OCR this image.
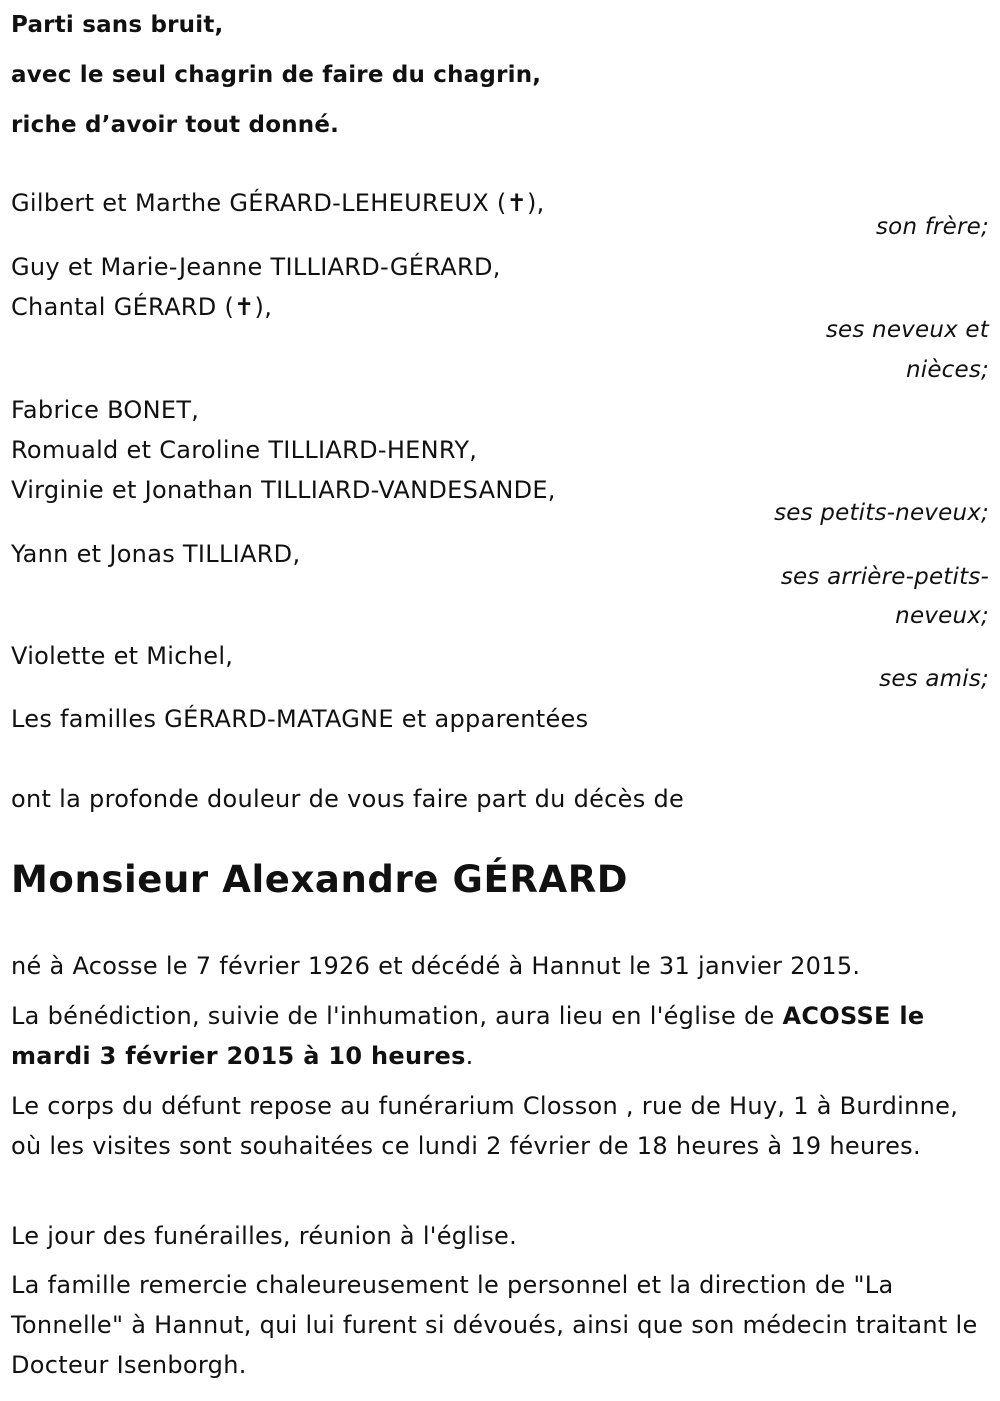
Parti sans bruit,
avec le seul chagrin de faire du chagrin,
riche d’avoir tout donné.
Gilbert et Marthe GÉRARD-LEHEUREUX (✝),
son frère;
Guy et Marie-Jeanne TILLIARD-GÉRARD,
Chantal GÉRARD (✝),
ses neveux et
nièces;
Fabrice BONET,
Romuald et Caroline TILLIARD-HENRY,
Virginie et Jonathan TILLIARD-VANDESANDE,
ses petits-neveux;
Yann et Jonas TILLIARD,
ses arrière-petits-
neveux;
Violette et Michel,
ses amis;
Les familles GÉRARD-MATAGNE et apparentées
ont la profonde douleur de vous faire part du décès de
Monsieur Alexandre GÉRARD
né à Acosse le 7 février 1926 et décédé à Hannut le 31 janvier 2015.
La bénédiction, suivie de l'inhumation, aura lieu en l'église de ACOSSE le mardi 3 février 2015 à 10 heures.
Le corps du défunt repose au funérarium Closson , rue de Huy, 1 à Burdinne, où les visites sont souhaitées ce lundi 2 février de 18 heures à 19 heures.
Le jour des funérailles, réunion à l'église.
La famille remercie chaleureusement le personnel et la direction de "La Tonnelle" à Hannut, qui lui furent si dévoués, ainsi que son médecin traitant le Docteur Isenborgh.
